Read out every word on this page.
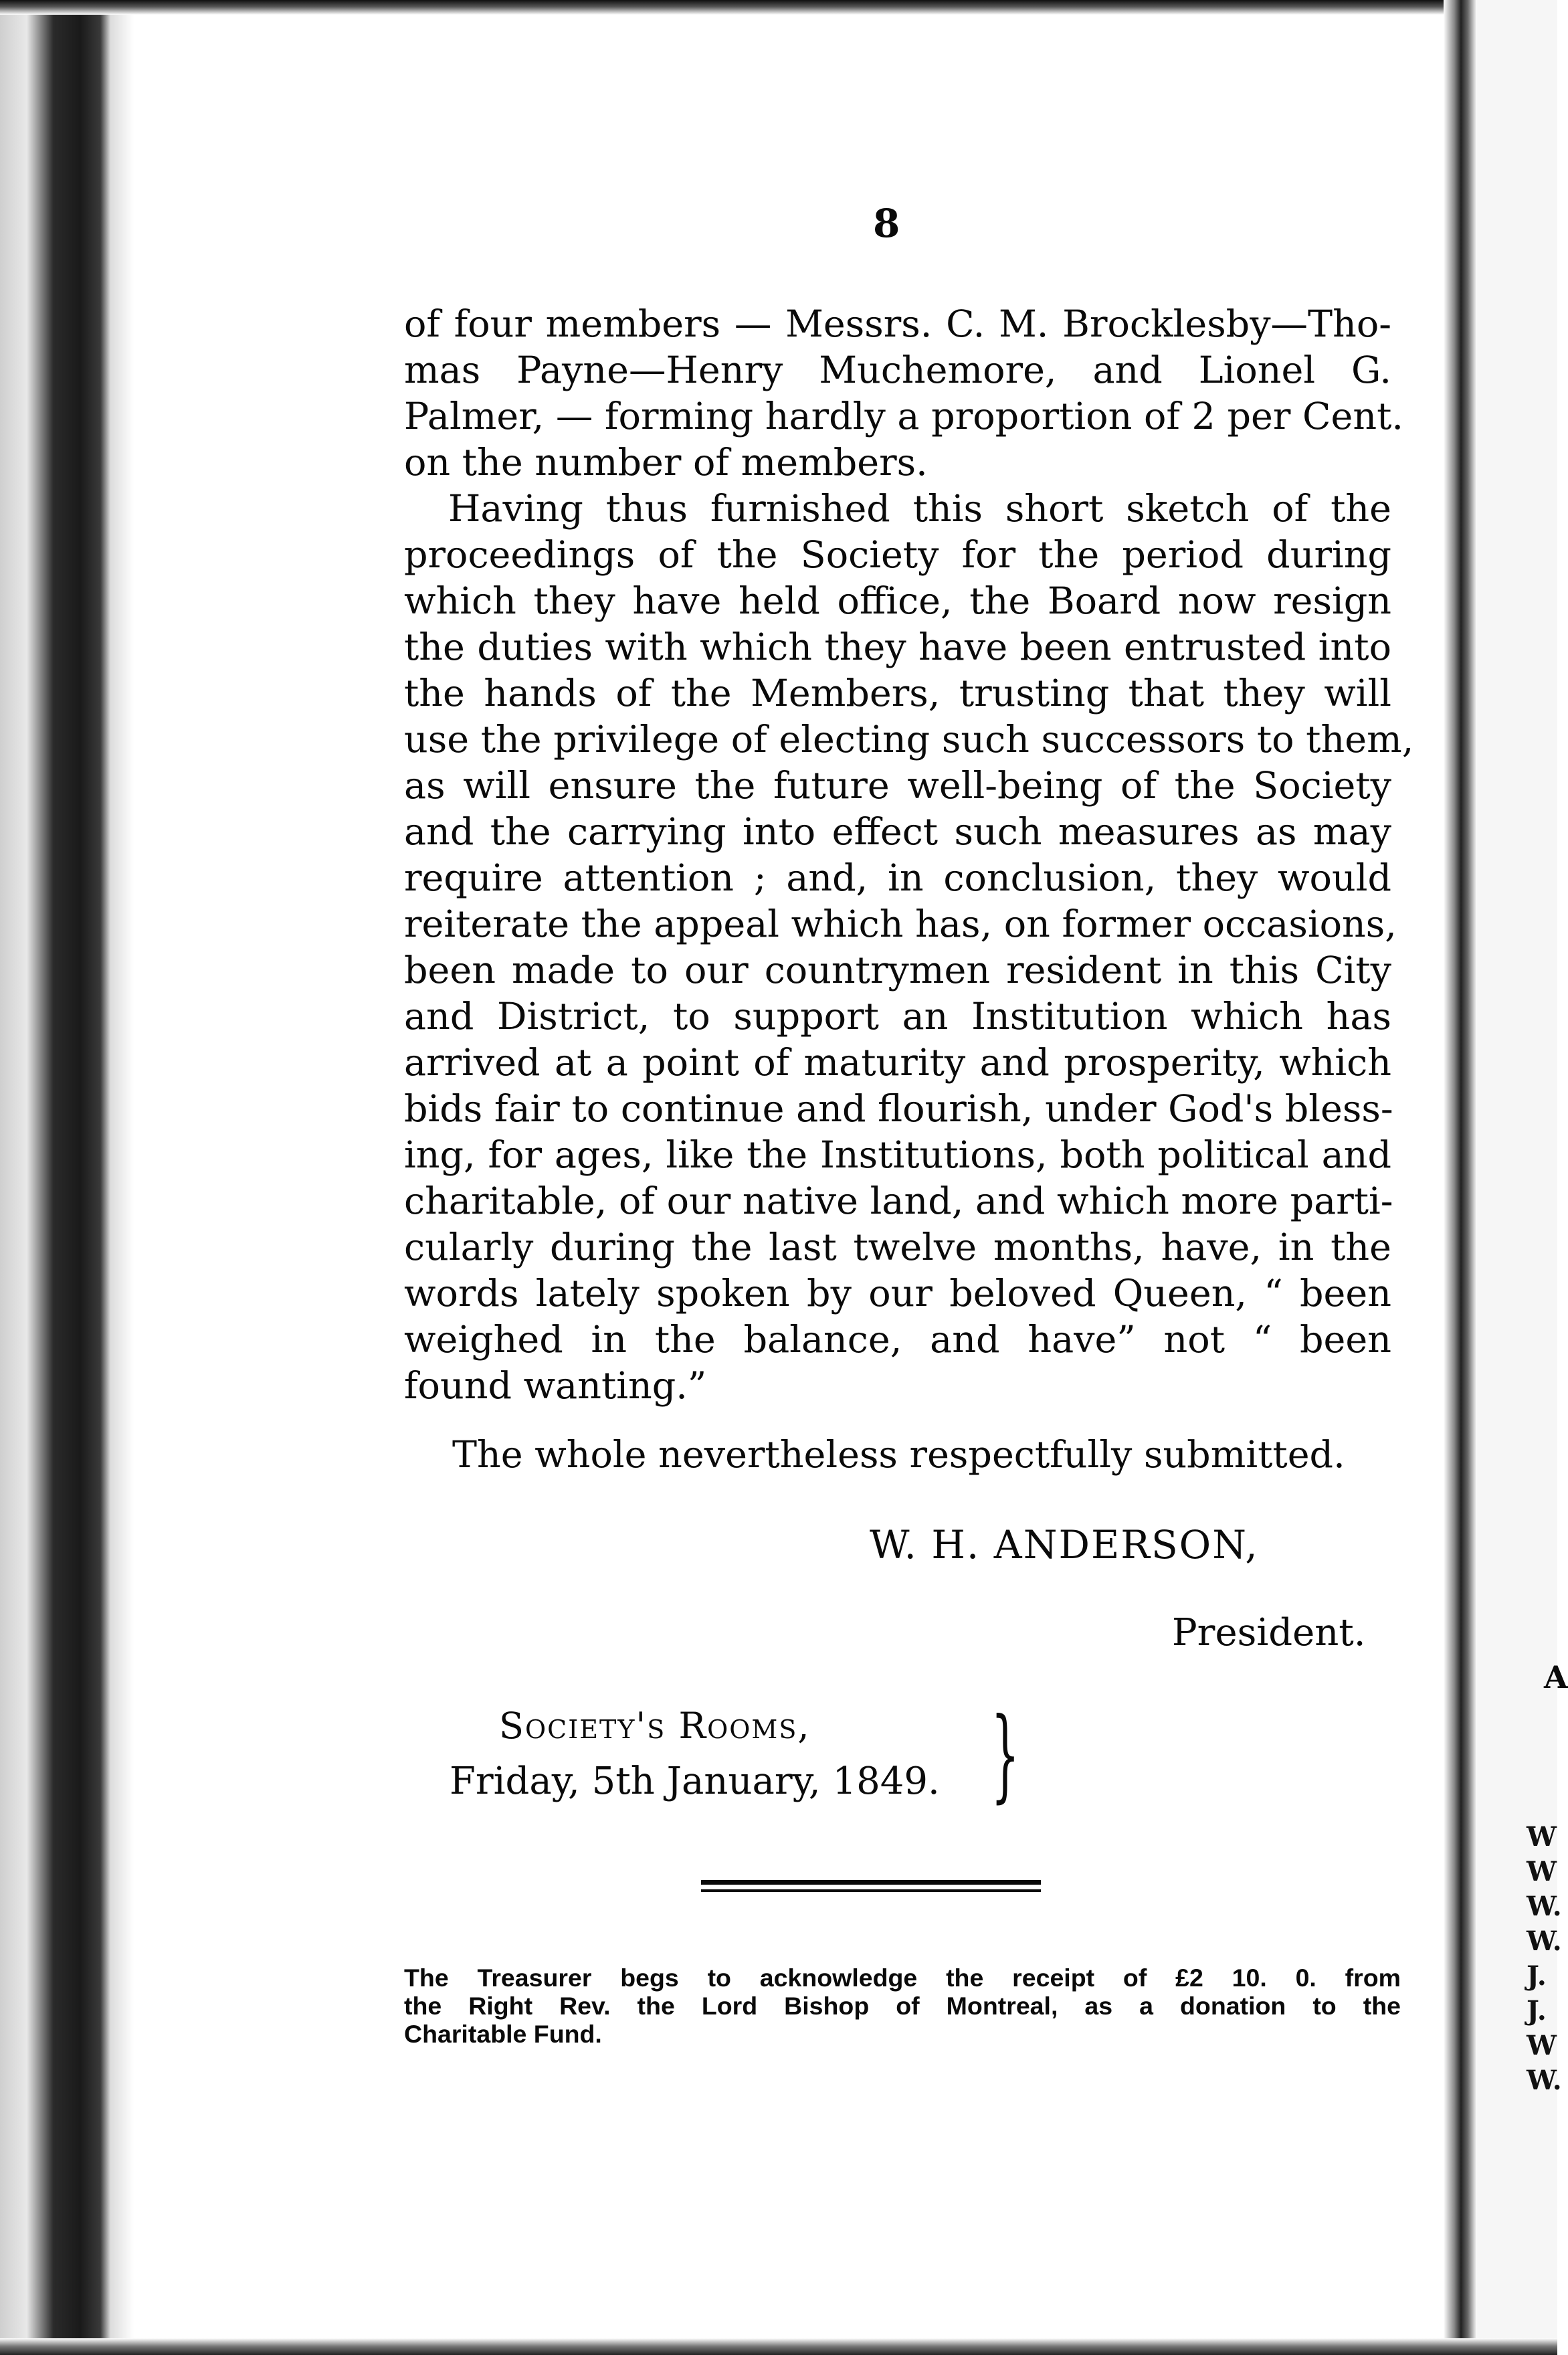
A
W
W
W.
W.
J.
J.
W
W.
8
of four members — Messrs. C. M. Brocklesby—Tho-
mas Payne—Henry Muchemore, and Lionel G.
Palmer, — forming hardly a proportion of 2 per Cent.
on the number of members.
Having thus furnished this short sketch of the
proceedings of the Society for the period during
which they have held office, the Board now resign
the duties with which they have been entrusted into
the hands of the Members, trusting that they will
use the privilege of electing such successors to them,
as will ensure the future well-being of the Society
and the carrying into effect such measures as may
require attention ; and, in conclusion, they would
reiterate the appeal which has, on former occasions,
been made to our countrymen resident in this City
and District, to support an Institution which has
arrived at a point of maturity and prosperity, which
bids fair to continue and flourish, under God's bless-
ing, for ages, like the Institutions, both political and
charitable, of our native land, and which more parti-
cularly during the last twelve months, have, in the
words lately spoken by our beloved Queen, “ been
weighed in the balance, and have” not “ been
found wanting.”
The whole nevertheless respectfully submitted.
W. H. ANDERSON,
President.
Society's Rooms,
Friday, 5th January, 1849. }
The Treasurer begs to acknowledge the receipt of £2 10. 0. from
the Right Rev. the Lord Bishop of Montreal, as a donation to the
Charitable Fund.
